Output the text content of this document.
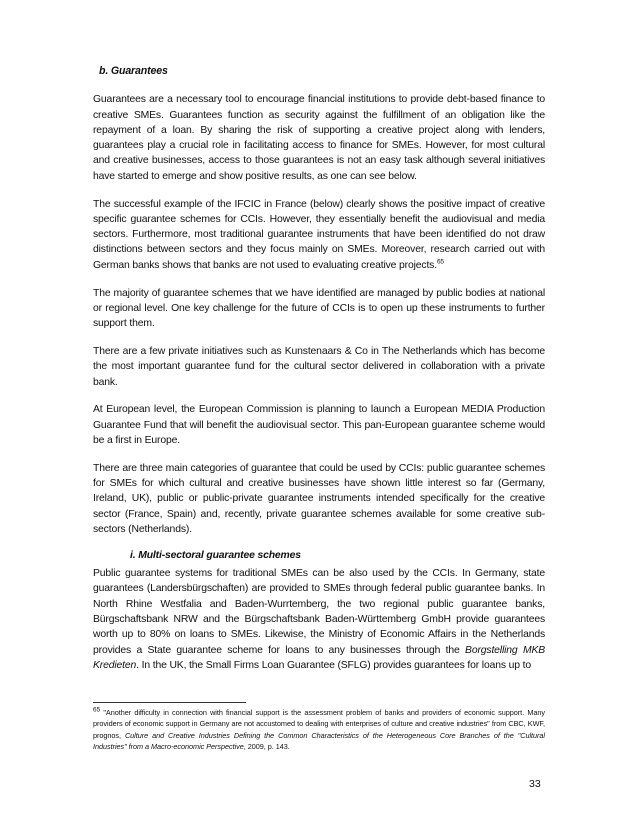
b. Guarantees

Guarantees are a necessary tool to encourage financial institutions to provide debt-based finance to creative SMEs. Guarantees function as security against the fulfillment of an obligation like the repayment of a loan. By sharing the risk of supporting a creative project along with lenders, guarantees play a crucial role in facilitating access to finance for SMEs. However, for most cultural and creative businesses, access to those guarantees is not an easy task although several initiatives have started to emerge and show positive results, as one can see below.

The successful example of the IFCIC in France (below) clearly shows the positive impact of creative specific guarantee schemes for CCIs. However, they essentially benefit the audiovisual and media sectors. Furthermore, most traditional guarantee instruments that have been identified do not draw distinctions between sectors and they focus mainly on SMEs. Moreover, research carried out with German banks shows that banks are not used to evaluating creative projects.$^{65}$

The majority of guarantee schemes that we have identified are managed by public bodies at national or regional level. One key challenge for the future of CCIs is to open up these instruments to further support them.

There are a few private initiatives such as Kunstenaars & Co in The Netherlands which has become the most important guarantee fund for the cultural sector delivered in collaboration with a private bank.

At European level, the European Commission is planning to launch a European MEDIA Production Guarantee Fund that will benefit the audiovisual sector. This pan-European guarantee scheme would be a first in Europe.

There are three main categories of guarantee that could be used by CCIs: public guarantee schemes for SMEs for which cultural and creative businesses have shown little interest so far (Germany, Ireland, UK), public or public-private guarantee instruments intended specifically for the creative sector (France, Spain) and, recently, private guarantee schemes available for some creative sub-sectors (Netherlands).

i. Multi-sectoral guarantee schemes

Public guarantee systems for traditional SMEs can be also used by the CCIs. In Germany, state guarantees (Landersbürgschaften) are provided to SMEs through federal public guarantee banks. In North Rhine Westfalia and Baden-Wurrtemberg, the two regional public guarantee banks, Bürgschaftsbank NRW and the Bürgschaftsbank Baden-Württemberg GmbH provide guarantees worth up to 80% on loans to SMEs. Likewise, the Ministry of Economic Affairs in the Netherlands provides a State guarantee scheme for loans to any businesses through the Borgstelling MKB Kredieten. In the UK, the Small Firms Loan Guarantee (SFLG) provides guarantees for loans up to

65 "Another difficulty in connection with financial support is the assessment problem of banks and providers of economic support. Many providers of economic support in Germany are not accustomed to dealing with enterprises of culture and creative industries" from CBC, KWF, prognos, Culture and Creative Industries Defining the Common Characteristics of the Heterogeneous Core Branches of the "Cultural Industries" from a Macro-economic Perspective, 2009, p. 143.
33
